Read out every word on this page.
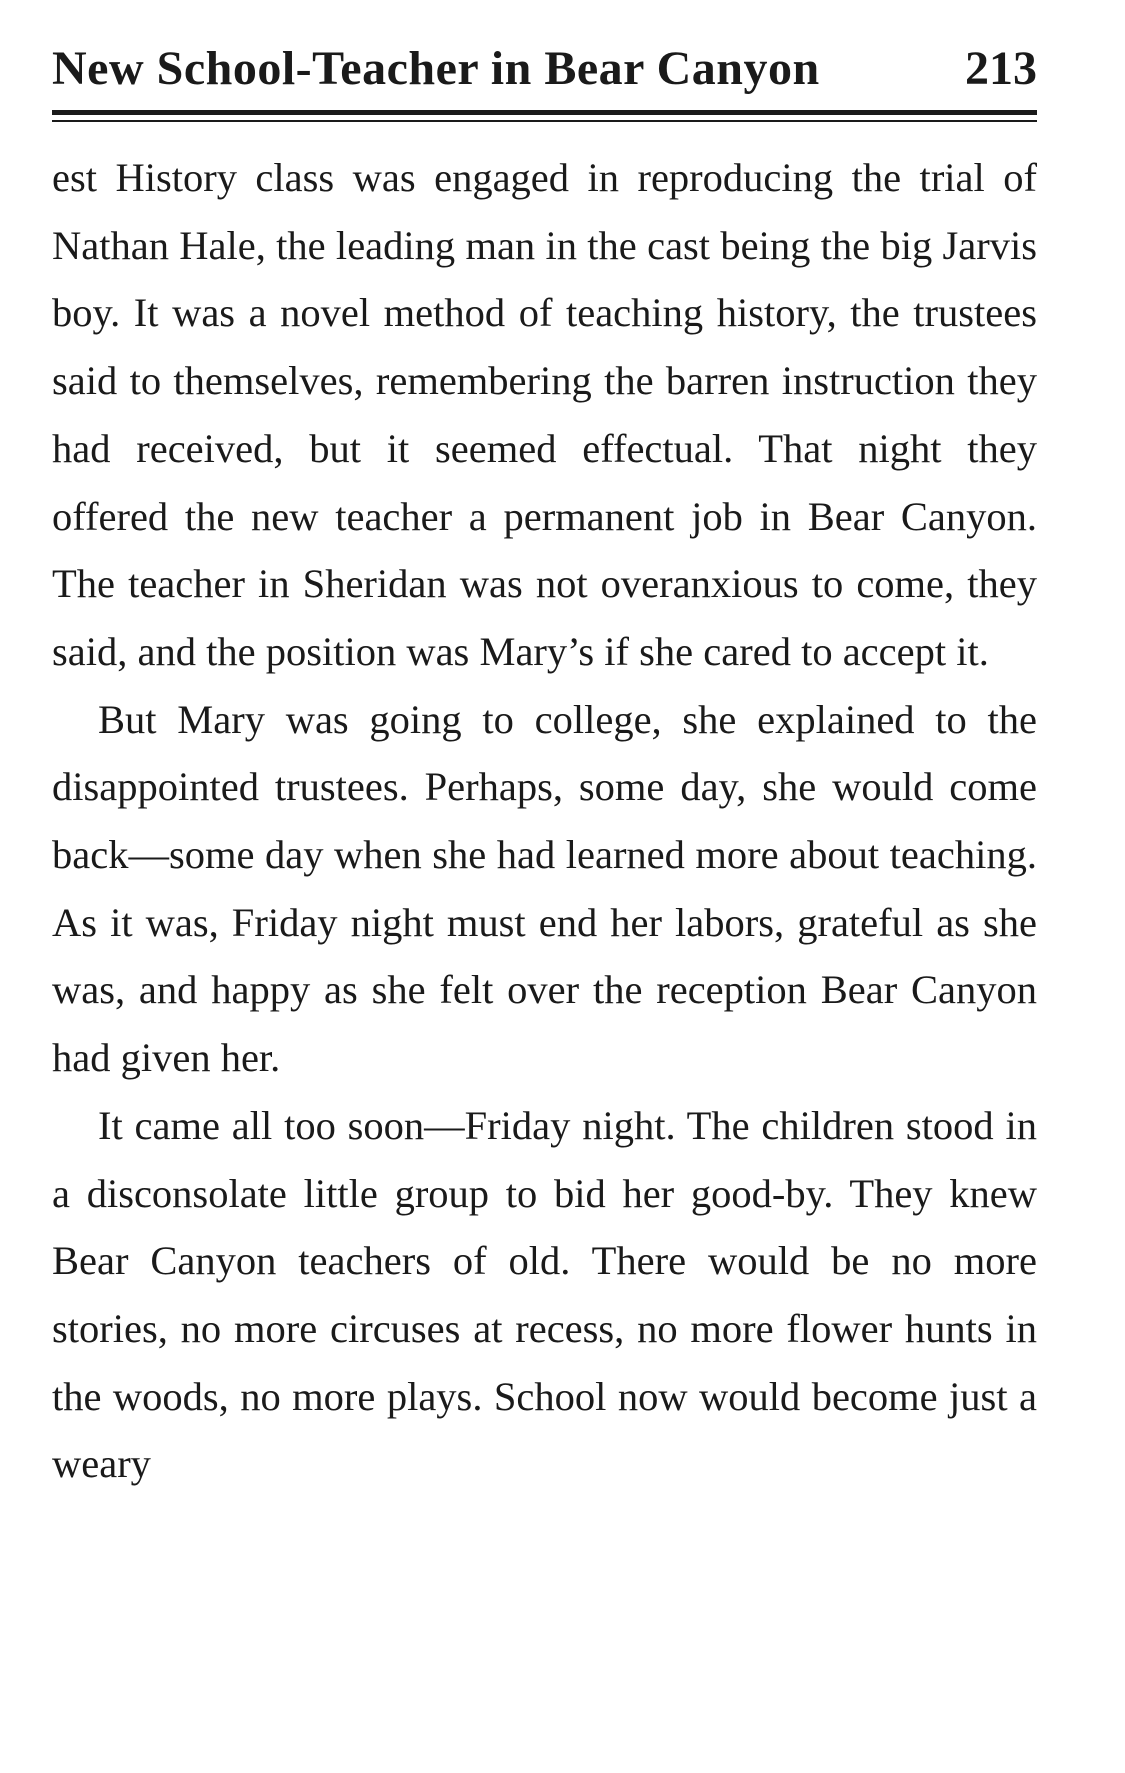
New School-Teacher in Bear Canyon	213

est History class was engaged in reproducing the trial of Nathan Hale, the leading man in the cast being the big Jarvis boy. It was a novel method of teaching history, the trustees said to themselves, remembering the barren instruction they had received, but it seemed effectual. That night they offered the new teacher a permanent job in Bear Canyon. The teacher in Sheridan was not overanxious to come, they said, and the position was Mary’s if she cared to accept it.

But Mary was going to college, she explained to the disappointed trustees. Perhaps, some day, she would come back—some day when she had learned more about teaching. As it was, Friday night must end her labors, grateful as she was, and happy as she felt over the reception Bear Canyon had given her.

It came all too soon—Friday night. The children stood in a disconsolate little group to bid her good-by. They knew Bear Canyon teachers of old. There would be no more stories, no more circuses at recess, no more flower hunts in the woods, no more plays. School now would become just a weary
